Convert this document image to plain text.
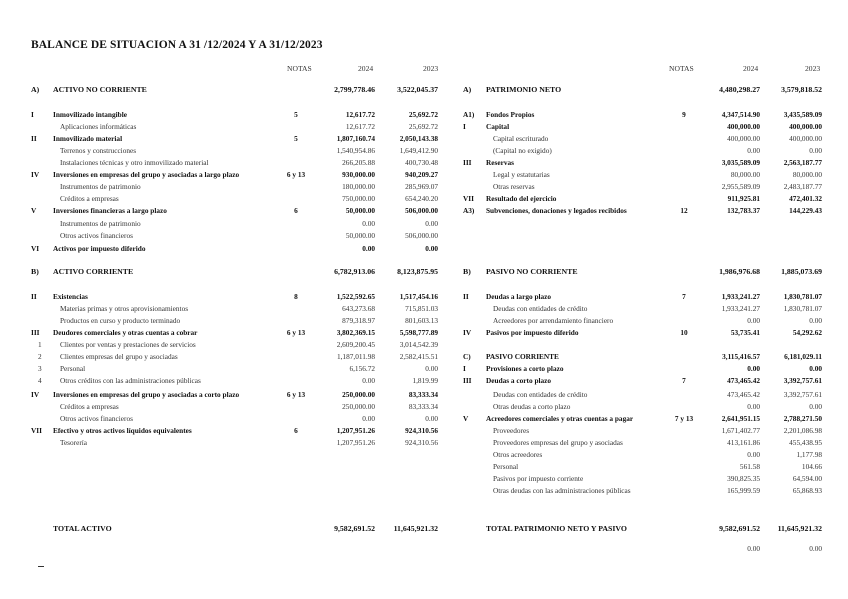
BALANCE DE SITUACION A 31 /12/2024 Y A 31/12/2023
NOTAS	2024	2023	NOTAS	2024	2023
A) ACTIVO NO CORRIENTE	2,799,778.46	3,522,045.37
I	Inmovilizado intangible	5	12,617.72	25,692.72
Aplicaciones informáticas	12,617.72	25,692.72
II Inmovilizado material	5	1,807,160.74	2,050,143.38
Terrenos y construcciones	1,540,954.86	1,649,412.90
Instalaciones técnicas y otro inmovilizado material	266,205.88	400,730.48
IV Inversiones en empresas del grupo y asociadas a largo plazo	6 y 13	930,000.00	940,209.27
Instrumentos de patrimonio	180,000.00	285,969.07
Créditos a empresas	750,000.00	654,240.20
V Inversiones financieras a largo plazo	6	50,000.00	506,000.00
Instrumentos de patrimonio	0.00	0.00
Otros activos financieros	50,000.00	506,000.00
VI Activos por impuesto diferido	0.00	0.00
B) ACTIVO CORRIENTE	6,782,913.06	8,123,875.95
II Existencias	8	1,522,592.65	1,517,454.16
Materias primas y otros aprovisionamientos	643,273.68	715,851.03
Productos en curso y producto terminado	879,318.97	801,603.13
III Deudores comerciales y otras cuentas a cobrar	6 y 13	3,802,369.15	5,598,777.89
1	Clientes por ventas y prestaciones de servicios	2,609,200.45	3,014,542.39
2	Clientes empresas del grupo y asociadas	1,187,011.98	2,582,415.51
3	Personal	6,156.72	0.00
4	Otros créditos con las administraciones públicas	0.00	1,819.99
IV Inversiones en empresas del grupo y asociadas a corto plazo	6 y 13	250,000.00	83,333.34
Créditos a empresas	250,000.00	83,333.34
Otros activos financieros	0.00	0.00
VII Efectivo y otros activos líquidos equivalentes	6	1,207,951.26	924,310.56
Tesorería	1,207,951.26	924,310.56
TOTAL ACTIVO	9,582,691.52	11,645,921.32
A) PATRIMONIO NETO	4,480,298.27	3,579,818.52
A1) Fondos Propios	9	4,347,514.90	3,435,589.09
I	Capital	400,000.00	400,000.00
Capital escriturado	400,000.00	400,000.00
(Capital no exigido)	0.00	0.00
III Reservas	3,035,589.09	2,563,187.77
Legal y estatutarias	80,000.00	80,000.00
Otras reservas	2,955,589.09	2,483,187.77
VII Resultado del ejercicio	911,925.81	472,401.32
A3) Subvenciones, donaciones y legados recibidos	12	132,783.37	144,229.43
B) PASIVO NO CORRIENTE	1,986,976.68	1,885,073.69
II Deudas a largo plazo	7	1,933,241.27	1,830,781.07
Deudas con entidades de crédito	1,933,241.27	1,830,781.07
Acreedores por arrendamiento financiero	0.00	0.00
IV Pasivos por impuesto diferido	10	53,735.41	54,292.62
C) PASIVO CORRIENTE	3,115,416.57	6,181,029.11
I	Provisiones a corto plazo	0.00	0.00
III Deudas a corto plazo	7	473,465.42	3,392,757.61
Deudas con entidades de crédito	473,465.42	3,392,757.61
Otras deudas a corto plazo	0.00	0.00
V Acreedores comerciales y otras cuentas a pagar	7 y 13	2,641,951.15	2,788,271.50
Proveedores	1,671,402.77	2,201,086.98
Proveedores empresas del grupo y asociadas	413,161.86	455,438.95
Otros acreedores	0.00	1,177.98
Personal	561.58	104.66
Pasivos por impuesto corriente	390,825.35	64,594.00
Otras deudas con las administraciones públicas	165,999.59	65,868.93
TOTAL PATRIMONIO NETO Y PASIVO	9,582,691.52	11,645,921.32
0.00	0.00
